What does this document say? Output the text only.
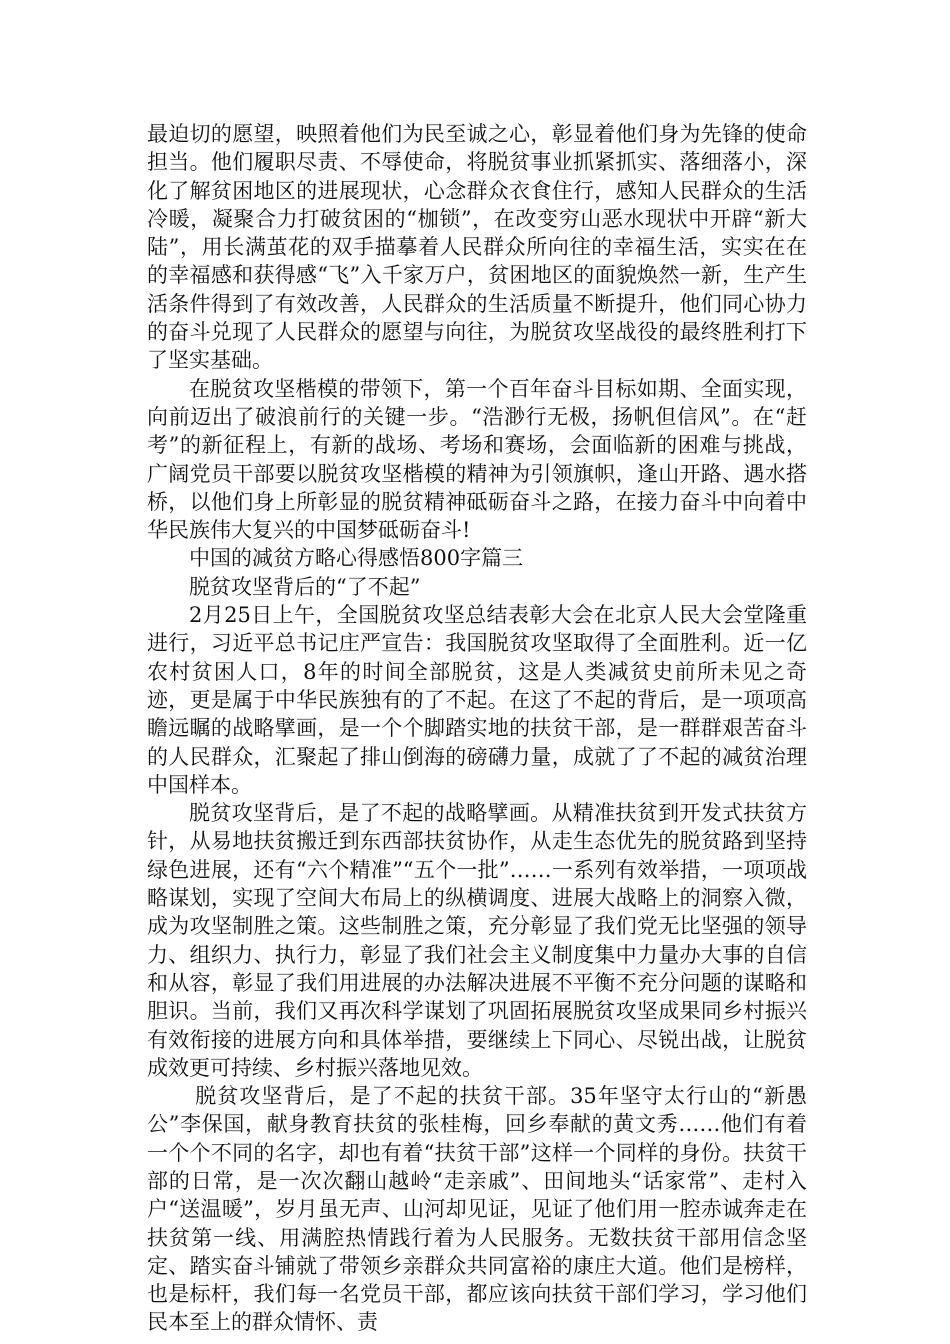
最迫切的愿望，映照着他们为民至诚之心，彰显着他们身为先锋的使命担当。他们履职尽责、不辱使命，将脱贫事业抓紧抓实、落细落小，深化了解贫困地区的进展现状，心念群众衣食住行，感知人民群众的生活冷暖，凝聚合力打破贫困的“枷锁”，在改变穷山恶水现状中开辟“新大陆”，用长满茧花的双手描摹着人民群众所向往的幸福生活，实实在在的幸福感和获得感“飞”入千家万户，贫困地区的面貌焕然一新，生产生活条件得到了有效改善，人民群众的生活质量不断提升，他们同心协力的奋斗兑现了人民群众的愿望与向往，为脱贫攻坚战役的最终胜利打下了坚实基础。

在脱贫攻坚楷模的带领下，第一个百年奋斗目标如期、全面实现，向前迈出了破浪前行的关键一步。“浩渺行无极，扬帆但信风”。在“赶考”的新征程上，有新的战场、考场和赛场，会面临新的困难与挑战，广阔党员干部要以脱贫攻坚楷模的精神为引领旗帜，逢山开路、遇水搭桥，以他们身上所彰显的脱贫精神砥砺奋斗之路，在接力奋斗中向着中华民族伟大复兴的中国梦砥砺奋斗!

中国的减贫方略心得感悟800字篇三

脱贫攻坚背后的“了不起”

2月25日上午，全国脱贫攻坚总结表彰大会在北京人民大会堂隆重进行，习近平总书记庄严宣告：我国脱贫攻坚取得了全面胜利。近一亿农村贫困人口，8年的时间全部脱贫，这是人类减贫史前所未见之奇迹，更是属于中华民族独有的了不起。在这了不起的背后，是一项项高瞻远瞩的战略擘画，是一个个脚踏实地的扶贫干部，是一群群艰苦奋斗的人民群众，汇聚起了排山倒海的磅礴力量，成就了了不起的减贫治理中国样本。

脱贫攻坚背后，是了不起的战略擘画。从精准扶贫到开发式扶贫方针，从易地扶贫搬迁到东西部扶贫协作，从走生态优先的脱贫路到坚持绿色进展，还有“六个精准”“五个一批”……一系列有效举措，一项项战略谋划，实现了空间大布局上的纵横调度、进展大战略上的洞察入微，成为攻坚制胜之策。这些制胜之策，充分彰显了我们党无比坚强的领导力、组织力、执行力，彰显了我们社会主义制度集中力量办大事的自信和从容，彰显了我们用进展的办法解决进展不平衡不充分问题的谋略和胆识。当前，我们又再次科学谋划了巩固拓展脱贫攻坚成果同乡村振兴有效衔接的进展方向和具体举措，要继续上下同心、尽锐出战，让脱贫成效更可持续、乡村振兴落地见效。

脱贫攻坚背后，是了不起的扶贫干部。35年坚守太行山的“新愚公”李保国，献身教育扶贫的张桂梅，回乡奉献的黄文秀……他们有着一个个不同的名字，却也有着“扶贫干部”这样一个同样的身份。扶贫干部的日常，是一次次翻山越岭“走亲戚”、田间地头“话家常”、走村入户“送温暖”，岁月虽无声、山河却见证，见证了他们用一腔赤诚奔走在扶贫第一线、用满腔热情践行着为人民服务。无数扶贫干部用信念坚定、踏实奋斗铺就了带领乡亲群众共同富裕的康庄大道。他们是榜样，也是标杆，我们每一名党员干部，都应该向扶贫干部们学习，学习他们民本至上的群众情怀、责
